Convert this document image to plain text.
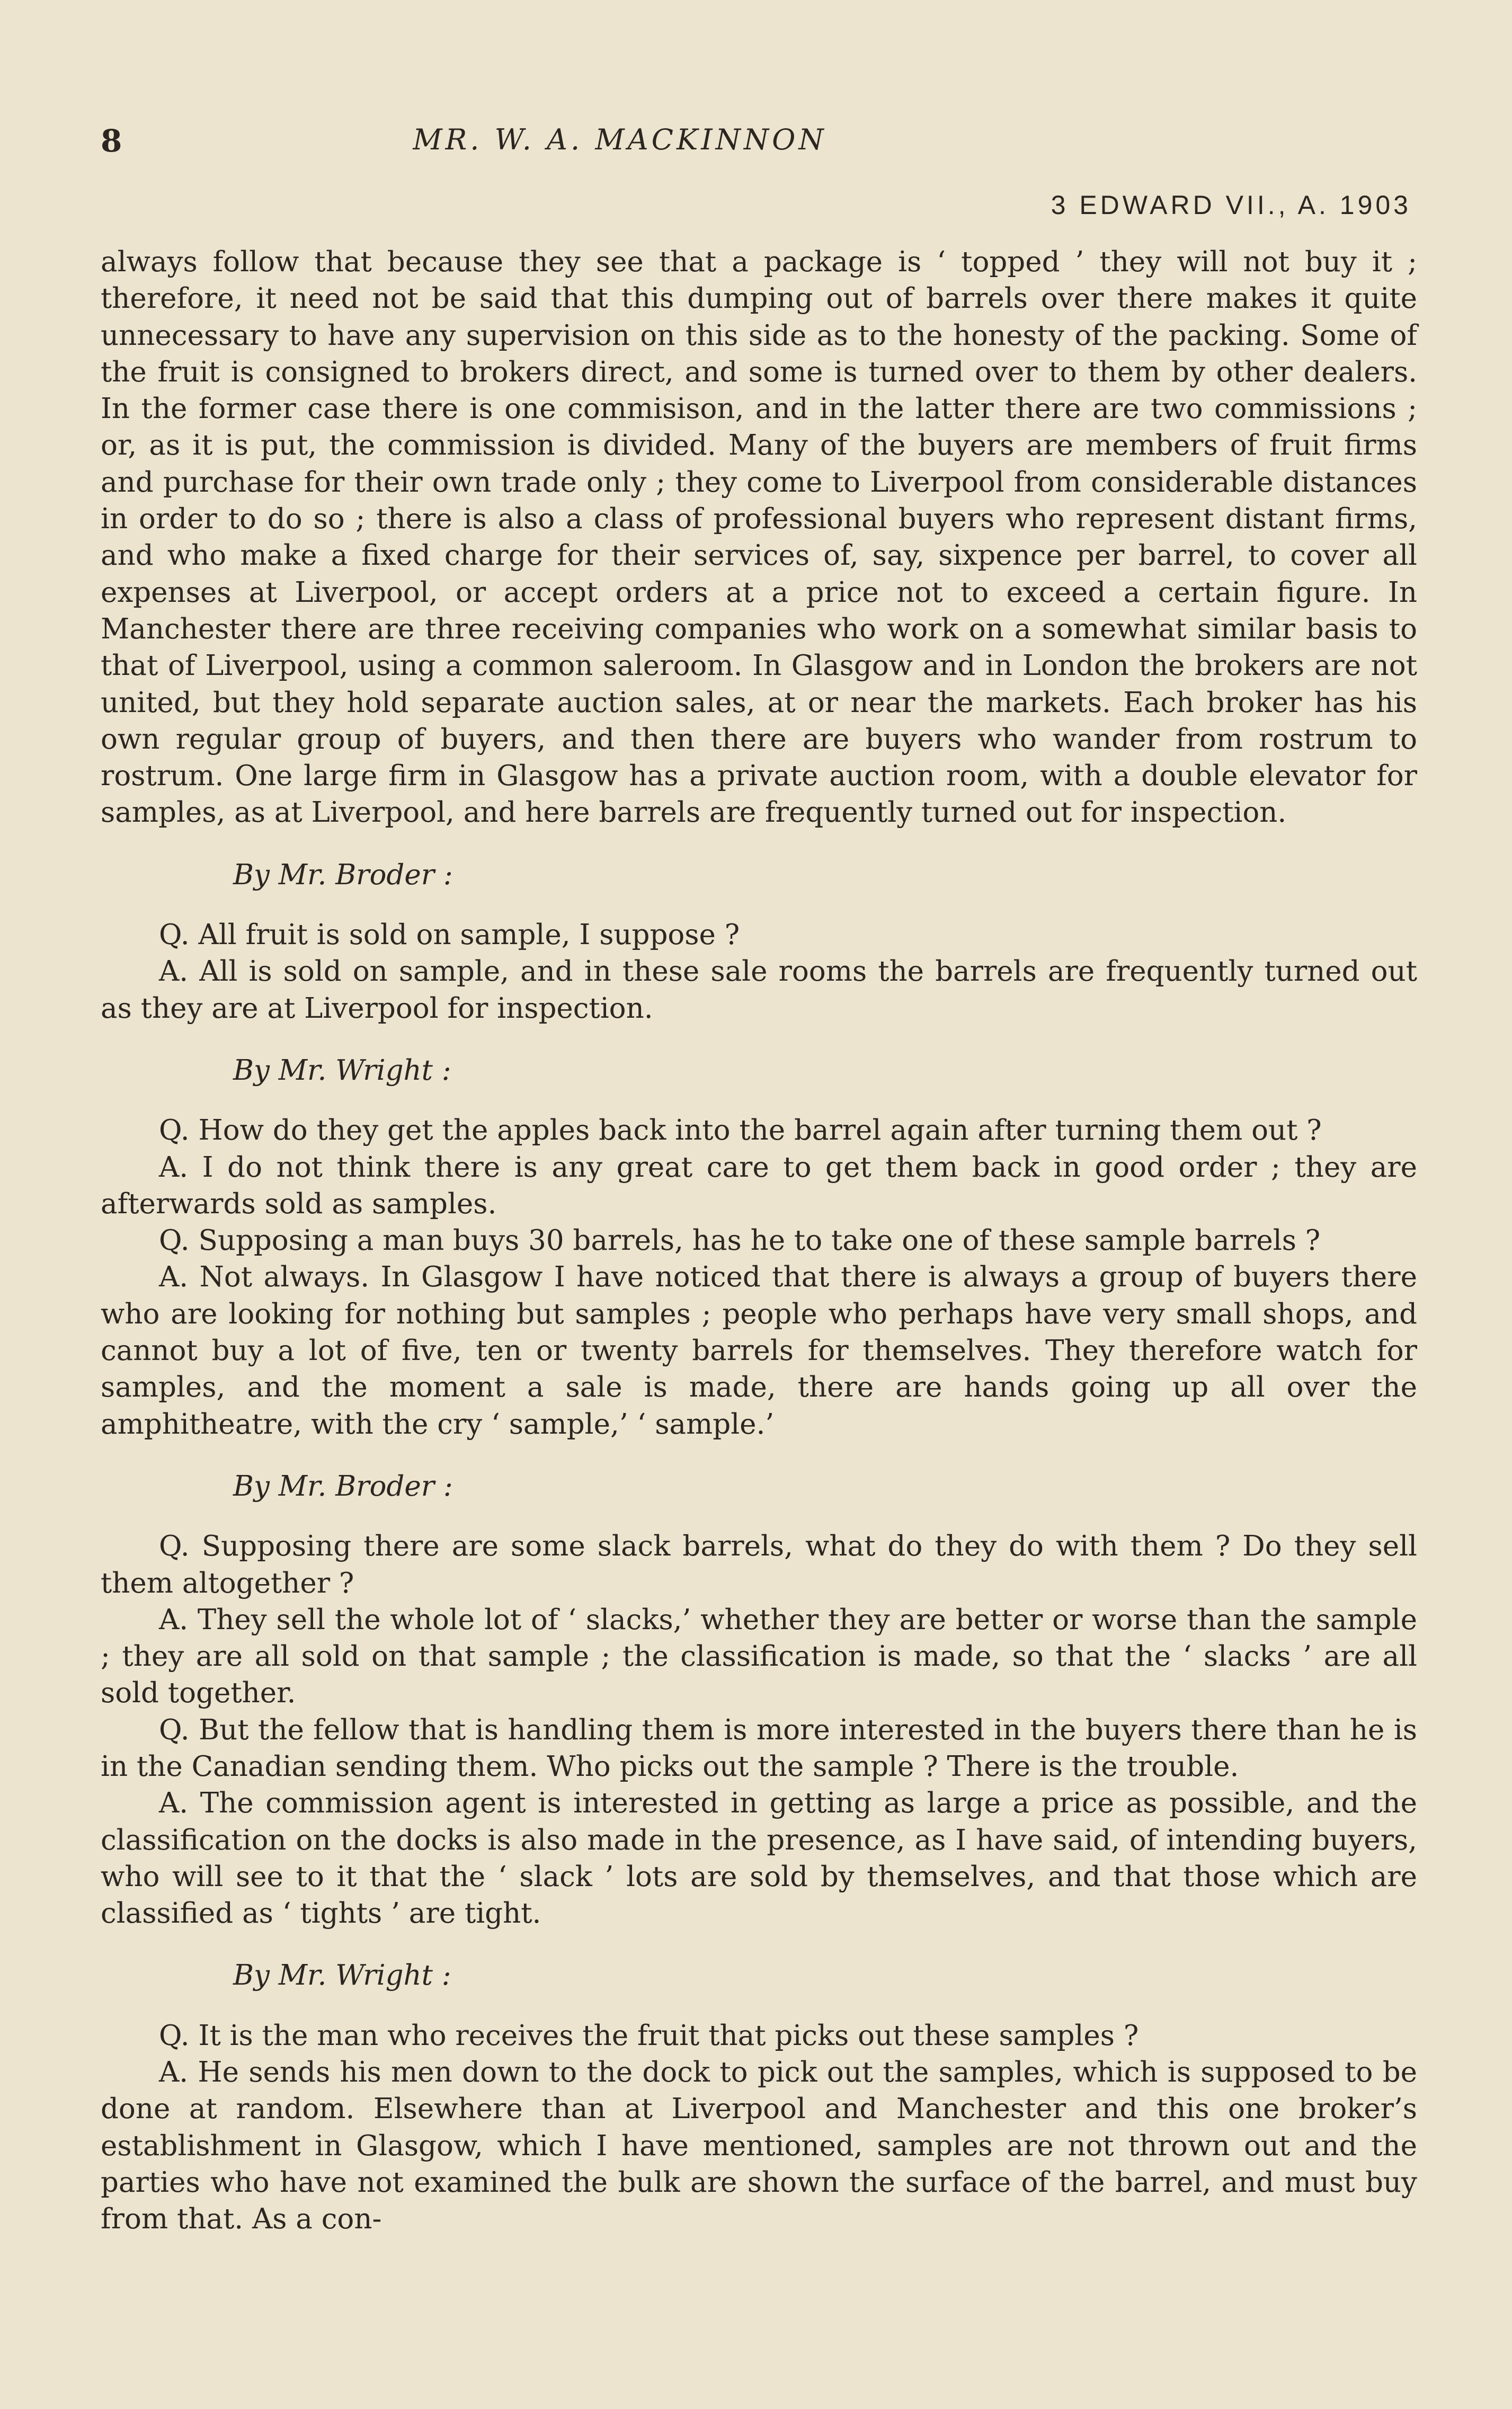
8	MR. W. A. MACKINNON
3 EDWARD VII., A. 1903

always follow that because they see that a package is ‘ topped ’ they will not buy it ; therefore, it need not be said that this dumping out of barrels over there makes it quite unnecessary to have any supervision on this side as to the honesty of the packing. Some of the fruit is consigned to brokers direct, and some is turned over to them by other dealers. In the former case there is one commisison, and in the latter there are two commissions ; or, as it is put, the commission is divided. Many of the buyers are members of fruit firms and purchase for their own trade only ; they come to Liverpool from considerable distances in order to do so ; there is also a class of professional buyers who represent distant firms, and who make a fixed charge for their services of, say, sixpence per barrel, to cover all expenses at Liverpool, or accept orders at a price not to exceed a certain figure. In Manchester there are three receiving companies who work on a somewhat similar basis to that of Liverpool, using a common saleroom. In Glasgow and in London the brokers are not united, but they hold separate auction sales, at or near the markets. Each broker has his own regular group of buyers, and then there are buyers who wander from rostrum to rostrum. One large firm in Glasgow has a private auction room, with a double elevator for samples, as at Liverpool, and here barrels are frequently turned out for inspection.

By Mr. Broder :

Q. All fruit is sold on sample, I suppose ?

A. All is sold on sample, and in these sale rooms the barrels are frequently turned out as they are at Liverpool for inspection.

By Mr. Wright :

Q. How do they get the apples back into the barrel again after turning them out ?

A. I do not think there is any great care to get them back in good order ; they are afterwards sold as samples.

Q. Supposing a man buys 30 barrels, has he to take one of these sample barrels ?

A. Not always. In Glasgow I have noticed that there is always a group of buyers there who are looking for nothing but samples ; people who perhaps have very small shops, and cannot buy a lot of five, ten or twenty barrels for themselves. They therefore watch for samples, and the moment a sale is made, there are hands going up all over the amphitheatre, with the cry ‘ sample,’ ‘ sample.’

By Mr. Broder :

Q. Supposing there are some slack barrels, what do they do with them ? Do they sell them altogether ?

A. They sell the whole lot of ‘ slacks,’ whether they are better or worse than the sample ; they are all sold on that sample ; the classification is made, so that the ‘ slacks ’ are all sold together.

Q. But the fellow that is handling them is more interested in the buyers there than he is in the Canadian sending them. Who picks out the sample ? There is the trouble.

A. The commission agent is interested in getting as large a price as possible, and the classification on the docks is also made in the presence, as I have said, of intending buyers, who will see to it that the ‘ slack ’ lots are sold by themselves, and that those which are classified as ‘ tights ’ are tight.

By Mr. Wright :

Q. It is the man who receives the fruit that picks out these samples ?

A. He sends his men down to the dock to pick out the samples, which is supposed to be done at random. Elsewhere than at Liverpool and Manchester and this one broker’s establishment in Glasgow, which I have mentioned, samples are not thrown out and the parties who have not examined the bulk are shown the surface of the barrel, and must buy from that. As a con-
